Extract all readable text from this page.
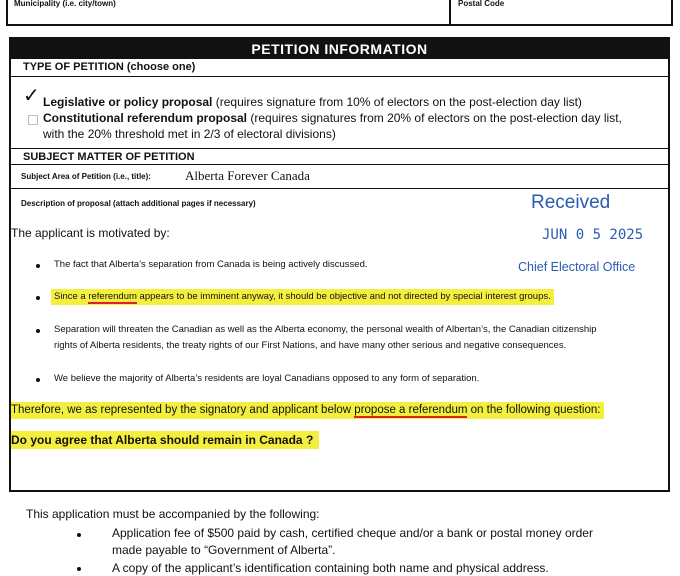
Municipality (i.e. city/town)	Postal Code
PETITION INFORMATION
TYPE OF PETITION (choose one)
✓ Legislative or policy proposal (requires signature from 10% of electors on the post-election day list)
Constitutional referendum proposal (requires signatures from 20% of electors on the post-election day list,
with the 20% threshold met in 2/3 of electoral divisions)
SUBJECT MATTER OF PETITION
Subject Area of Petition (i.e., title):	Alberta Forever Canada
Description of proposal (attach additional pages if necessary)	Received
JUN 0 5 2025
Chief Electoral Office
The applicant is motivated by:
The fact that Alberta’s separation from Canada is being actively discussed.
Since a referendum appears to be imminent anyway, it should be objective and not directed by special interest groups.
Separation will threaten the Canadian as well as the Alberta economy, the personal wealth of Albertan’s, the Canadian citizenship
rights of Alberta residents, the treaty rights of our First Nations, and have many other serious and negative consequences.
We believe the majority of Alberta’s residents are loyal Canadians opposed to any form of separation.
Therefore, we as represented by the signatory and applicant below propose a referendum on the following question:
Do you agree that Alberta should remain in Canada ?
This application must be accompanied by the following:
Application fee of $500 paid by cash, certified cheque and/or a bank or postal money order
made payable to “Government of Alberta”.
A copy of the applicant’s identification containing both name and physical address.
